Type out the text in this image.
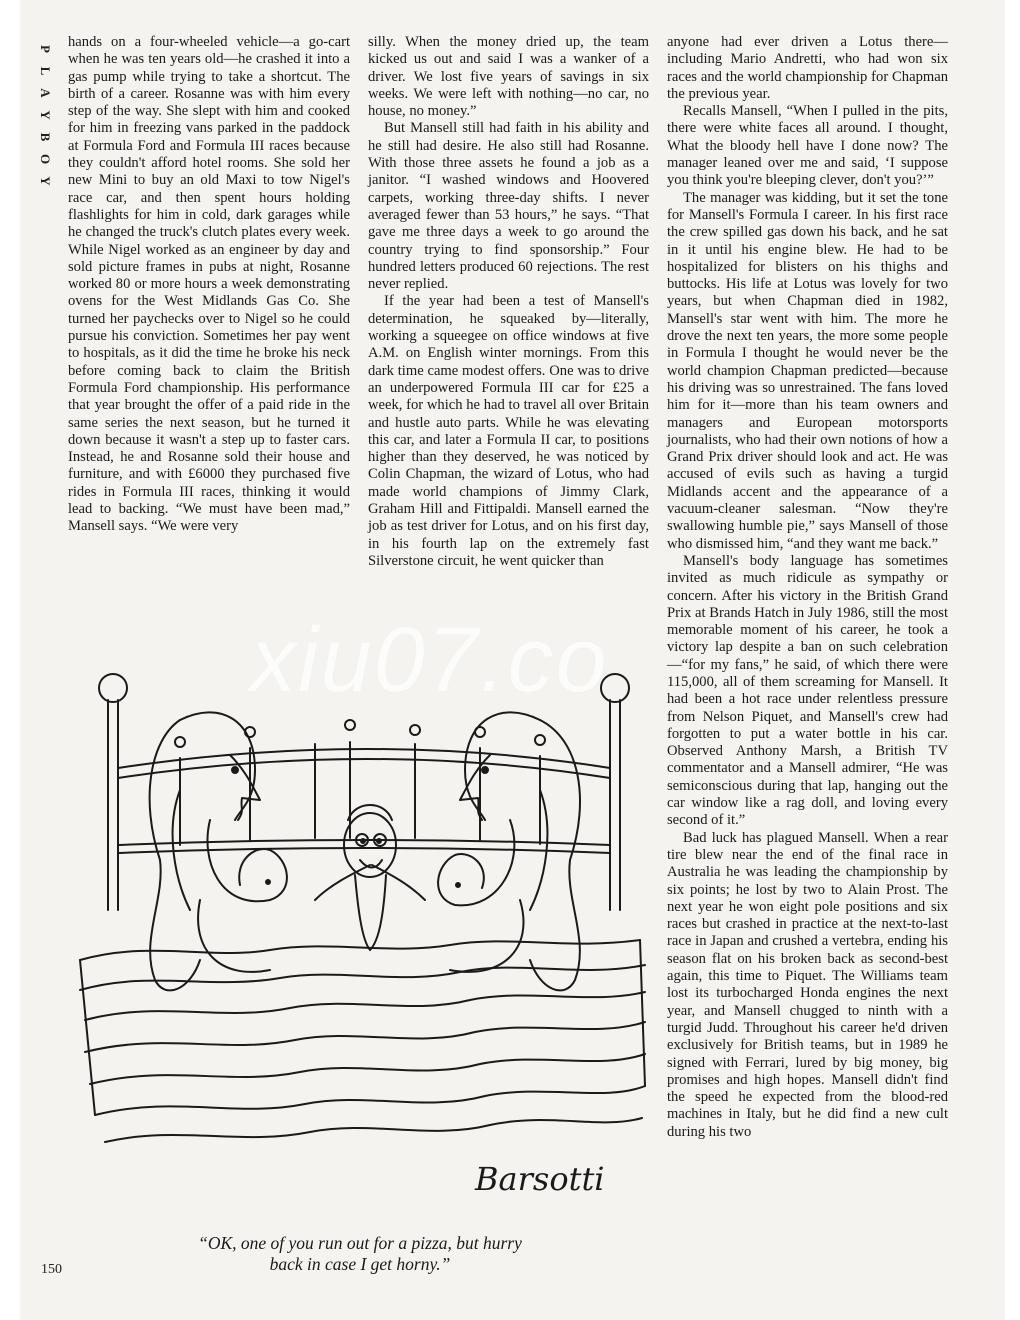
P
L
A
Y
B
O
Y

hands on a four-wheeled vehicle—a go-cart when he was ten years old—he crashed it into a gas pump while trying to take a shortcut. The birth of a career. Rosanne was with him every step of the way. She slept with him and cooked for him in freezing vans parked in the paddock at Formula Ford and Formula III races because they couldn't afford hotel rooms. She sold her new Mini to buy an old Maxi to tow Nigel's race car, and then spent hours holding flashlights for him in cold, dark garages while he changed the truck's clutch plates every week. While Nigel worked as an engineer by day and sold picture frames in pubs at night, Rosanne worked 80 or more hours a week demonstrating ovens for the West Midlands Gas Co. She turned her paychecks over to Nigel so he could pursue his conviction. Sometimes her pay went to hospitals, as it did the time he broke his neck before coming back to claim the British Formula Ford championship. His performance that year brought the offer of a paid ride in the same series the next season, but he turned it down because it wasn't a step up to faster cars. Instead, he and Rosanne sold their house and furniture, and with £6000 they purchased five rides in Formula III races, thinking it would lead to backing. “We must have been mad,” Mansell says. “We were very

silly. When the money dried up, the team kicked us out and said I was a wanker of a driver. We lost five years of savings in six weeks. We were left with nothing—no car, no house, no money.”

But Mansell still had faith in his ability and he still had desire. He also still had Rosanne. With those three assets he found a job as a janitor. “I washed windows and Hoovered carpets, working three-day shifts. I never averaged fewer than 53 hours,” he says. “That gave me three days a week to go around the country trying to find sponsorship.” Four hundred letters produced 60 rejections. The rest never replied.

If the year had been a test of Mansell's determination, he squeaked by—literally, working a squeegee on office windows at five A.M. on English winter mornings. From this dark time came modest offers. One was to drive an underpowered Formula III car for £25 a week, for which he had to travel all over Britain and hustle auto parts. While he was elevating this car, and later a Formula II car, to positions higher than they deserved, he was noticed by Colin Chapman, the wizard of Lotus, who had made world champions of Jimmy Clark, Graham Hill and Fittipaldi. Mansell earned the job as test driver for Lotus, and on his first day, in his fourth lap on the extremely fast Silverstone circuit, he went quicker than

anyone had ever driven a Lotus there—including Mario Andretti, who had won six races and the world championship for Chapman the previous year.

Recalls Mansell, “When I pulled in the pits, there were white faces all around. I thought, What the bloody hell have I done now? The manager leaned over me and said, ‘I suppose you think you're bleeping clever, don't you?’”

The manager was kidding, but it set the tone for Mansell's Formula I career. In his first race the crew spilled gas down his back, and he sat in it until his engine blew. He had to be hospitalized for blisters on his thighs and buttocks. His life at Lotus was lovely for two years, but when Chapman died in 1982, Mansell's star went with him. The more he drove the next ten years, the more some people in Formula I thought he would never be the world champion Chapman predicted—because his driving was so unrestrained. The fans loved him for it—more than his team owners and managers and European motorsports journalists, who had their own notions of how a Grand Prix driver should look and act. He was accused of evils such as having a turgid Midlands accent and the appearance of a vacuum-cleaner salesman. “Now they're swallowing humble pie,” says Mansell of those who dismissed him, “and they want me back.”

Mansell's body language has sometimes invited as much ridicule as sympathy or concern. After his victory in the British Grand Prix at Brands Hatch in July 1986, still the most memorable moment of his career, he took a victory lap despite a ban on such celebration—“for my fans,” he said, of which there were 115,000, all of them screaming for Mansell. It had been a hot race under relentless pressure from Nelson Piquet, and Mansell's crew had forgotten to put a water bottle in his car. Observed Anthony Marsh, a British TV commentator and a Mansell admirer, “He was semiconscious during that lap, hanging out the car window like a rag doll, and loving every second of it.”

Bad luck has plagued Mansell. When a rear tire blew near the end of the final race in Australia he was leading the championship by six points; he lost by two to Alain Prost. The next year he won eight pole positions and six races but crashed in practice at the next-to-last race in Japan and crushed a vertebra, ending his season flat on his broken back as second-best again, this time to Piquet. The Williams team lost its turbocharged Honda engines the next year, and Mansell chugged to ninth with a turgid Judd. Throughout his career he'd driven exclusively for British teams, but in 1989 he signed with Ferrari, lured by big money, big promises and high hopes. Mansell didn't find the speed he expected from the blood-red machines in Italy, but he did find a new cult during his two

Barsotti
xiu07.co
“OK, one of you run out for a pizza, but hurry
back in case I get horny.”
150
